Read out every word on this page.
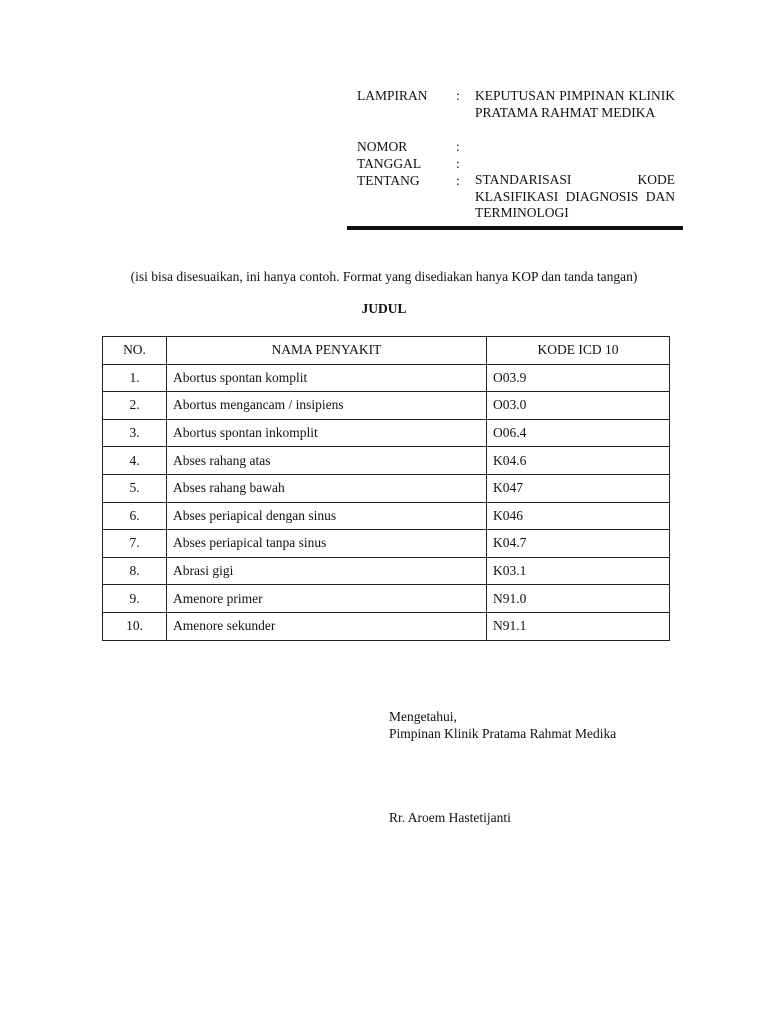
LAMPIRAN	:	KEPUTUSAN PIMPINAN KLINIK PRATAMA RAHMAT MEDIKA
NOMOR	:
TANGGAL	:
TENTANG	:	STANDARISASI KODE KLASIFIKASI DIAGNOSIS DAN TERMINOLOGI
(isi bisa disesuaikan, ini hanya contoh. Format yang disediakan hanya KOP dan tanda tangan)
JUDUL
NO.	NAMA PENYAKIT	KODE ICD 10
1.	Abortus spontan komplit	O03.9
2.	Abortus mengancam / insipiens	O03.0
3.	Abortus spontan inkomplit	O06.4
4.	Abses rahang atas	K04.6
5.	Abses rahang bawah	K047
6.	Abses periapical dengan sinus	K046
7.	Abses periapical tanpa sinus	K04.7
8.	Abrasi gigi	K03.1
9.	Amenore primer	N91.0
10.	Amenore sekunder	N91.1
Mengetahui,
Pimpinan Klinik Pratama Rahmat Medika
Rr. Aroem Hastetijanti
